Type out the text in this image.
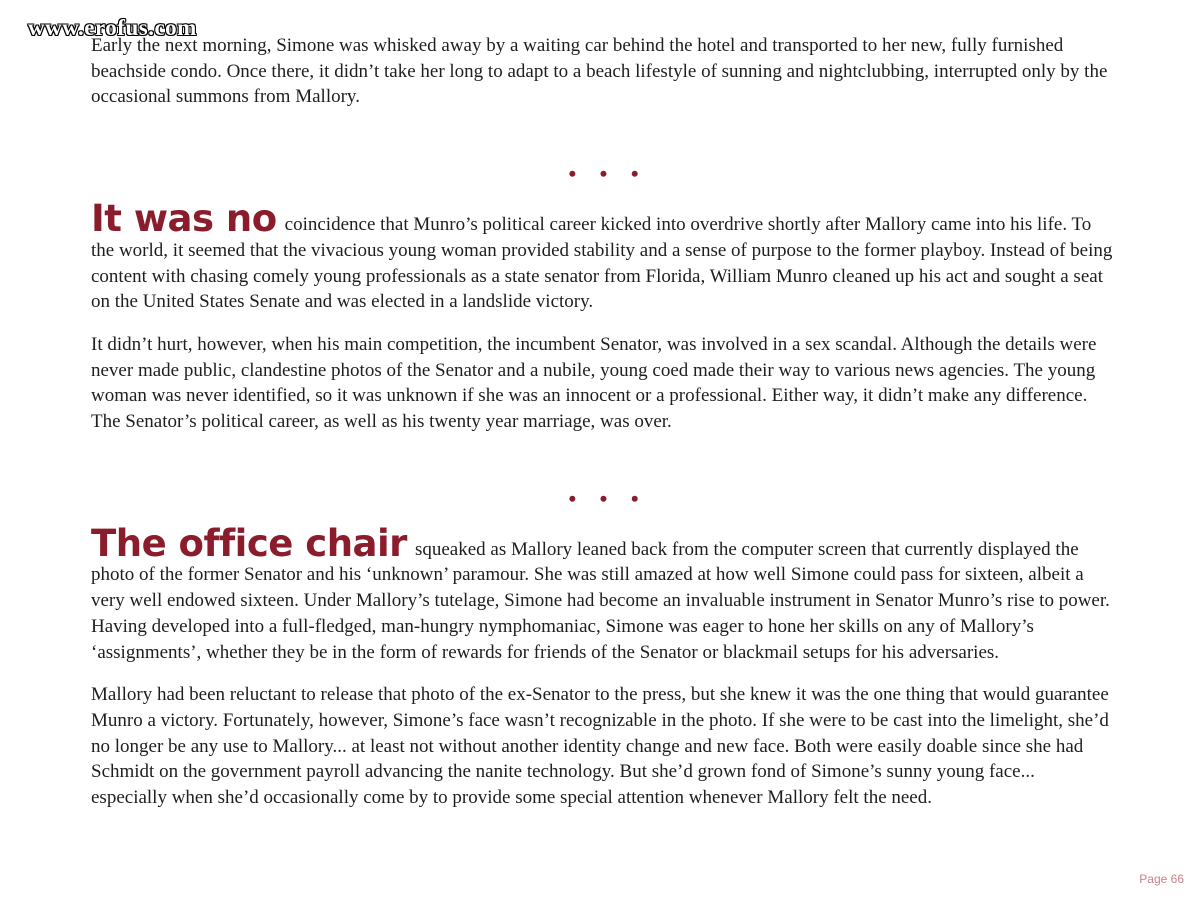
www.erofus.com

Early the next morning, Simone was whisked away by a waiting car behind the hotel and transported to her new, fully furnished beachside condo. Once there, it didn’t take her long to adapt to a beach lifestyle of sunning and nightclubbing, interrupted only by the occasional summons from Mallory.

• • •

It was no coincidence that Munro’s political career kicked into overdrive shortly after Mallory came into his life. To the world, it seemed that the vivacious young woman provided stability and a sense of purpose to the former playboy. Instead of being content with chasing comely young professionals as a state senator from Florida, William Munro cleaned up his act and sought a seat on the United States Senate and was elected in a landslide victory.

It didn’t hurt, however, when his main competition, the incumbent Senator, was involved in a sex scandal. Although the details were never made public, clandestine photos of the Senator and a nubile, young coed made their way to various news agencies. The young woman was never identified, so it was unknown if she was an innocent or a professional. Either way, it didn’t make any difference. The Senator’s political career, as well as his twenty year marriage, was over.

• • •

The office chair squeaked as Mallory leaned back from the computer screen that currently displayed the photo of the former Senator and his ‘unknown’ paramour. She was still amazed at how well Simone could pass for sixteen, albeit a very well endowed sixteen. Under Mallory’s tutelage, Simone had become an invaluable instrument in Senator Munro’s rise to power. Having developed into a full-fledged, man-hungry nymphomaniac, Simone was eager to hone her skills on any of Mallory’s ‘assignments’, whether they be in the form of rewards for friends of the Senator or blackmail setups for his adversaries.

Mallory had been reluctant to release that photo of the ex-Senator to the press, but she knew it was the one thing that would guarantee Munro a victory. Fortunately, however, Simone’s face wasn’t recognizable in the photo. If she were to be cast into the limelight, she’d no longer be any use to Mallory... at least not without another identity change and new face. Both were easily doable since she had Schmidt on the government payroll advancing the nanite technology. But she’d grown fond of Simone’s sunny young face... especially when she’d occasionally come by to provide some special attention whenever Mallory felt the need.

Page 66
